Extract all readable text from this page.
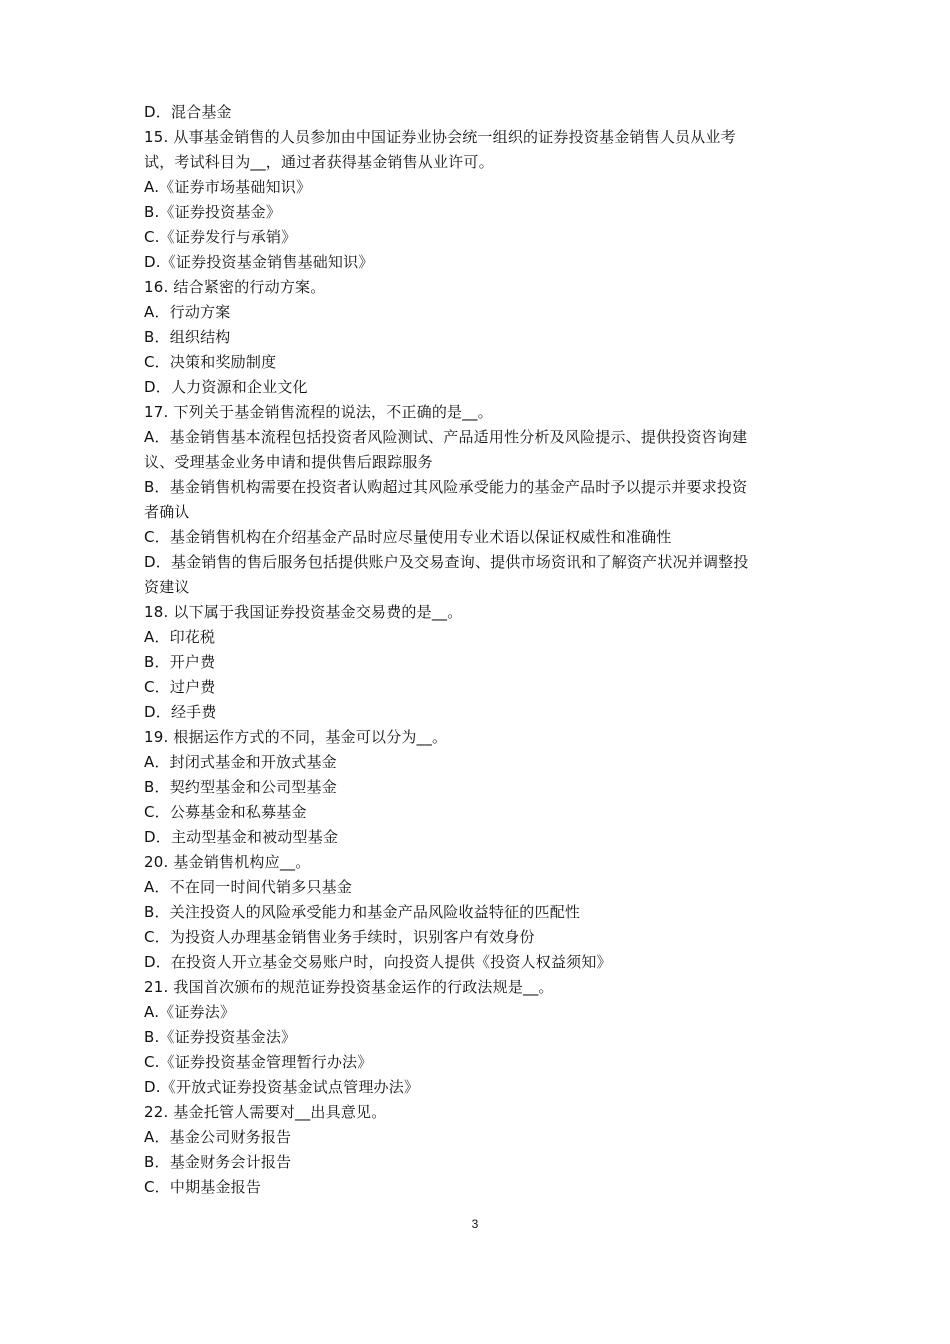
D．混合基金
15. 从事基金销售的人员参加由中国证券业协会统一组织的证券投资基金销售人员从业考
试，考试科目为__，通过者获得基金销售从业许可。
A.《证券市场基础知识》
B.《证券投资基金》
C.《证券发行与承销》
D.《证券投资基金销售基础知识》
16. 结合紧密的行动方案。
A．行动方案
B．组织结构
C．决策和奖励制度
D．人力资源和企业文化
17. 下列关于基金销售流程的说法，不正确的是__。
A．基金销售基本流程包括投资者风险测试、产品适用性分析及风险提示、提供投资咨询建
议、受理基金业务申请和提供售后跟踪服务
B．基金销售机构需要在投资者认购超过其风险承受能力的基金产品时予以提示并要求投资
者确认
C．基金销售机构在介绍基金产品时应尽量使用专业术语以保证权威性和准确性
D．基金销售的售后服务包括提供账户及交易查询、提供市场资讯和了解资产状况并调整投
资建议
18. 以下属于我国证券投资基金交易费的是__。
A．印花税
B．开户费
C．过户费
D．经手费
19. 根据运作方式的不同，基金可以分为__。
A．封闭式基金和开放式基金
B．契约型基金和公司型基金
C．公募基金和私募基金
D．主动型基金和被动型基金
20. 基金销售机构应__。
A．不在同一时间代销多只基金
B．关注投资人的风险承受能力和基金产品风险收益特征的匹配性
C．为投资人办理基金销售业务手续时，识别客户有效身份
D．在投资人开立基金交易账户时，向投资人提供《投资人权益须知》
21. 我国首次颁布的规范证券投资基金运作的行政法规是__。
A.《证券法》
B.《证券投资基金法》
C.《证券投资基金管理暂行办法》
D.《开放式证券投资基金试点管理办法》
22. 基金托管人需要对__出具意见。
A．基金公司财务报告
B．基金财务会计报告
C．中期基金报告
3
